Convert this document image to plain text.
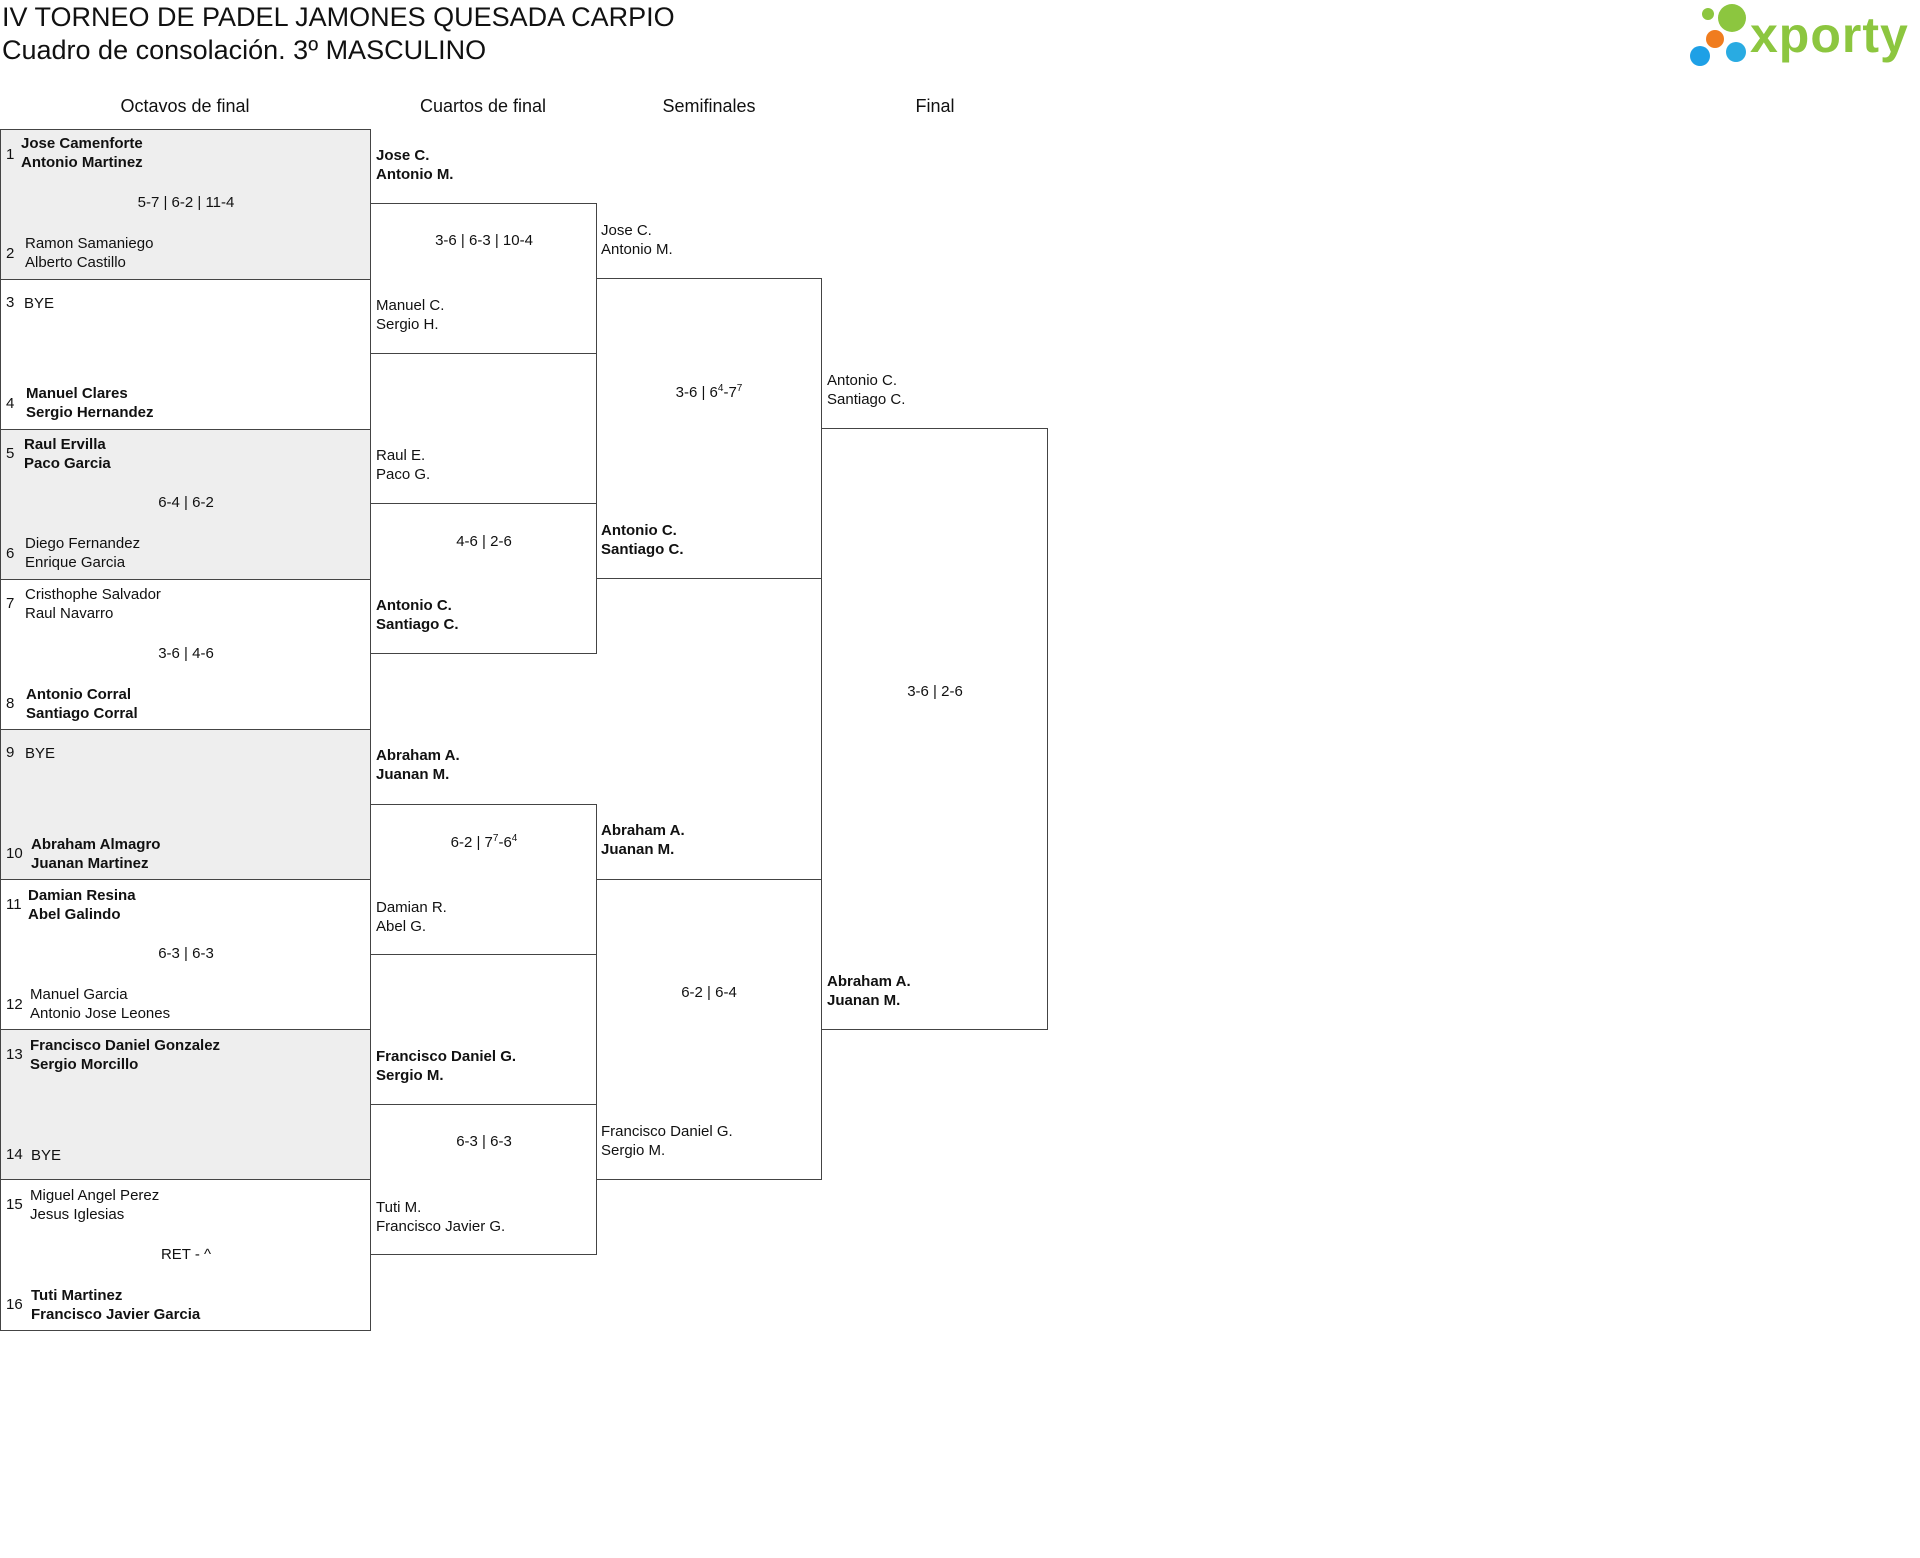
IV TORNEO DE PADEL JAMONES QUESADA CARPIO
Cuadro de consolación. 3º MASCULINO	xporty
Octavos de final	Cuartos de final	Semifinales	Final
1
2
3
4
5
6
7
8
9
10
11
12
13
14
15
16
Jose Camenforte
Antonio Martinez
Ramon Samaniego
Alberto Castillo
BYE
Manuel Clares
Sergio Hernandez
Raul Ervilla
Paco Garcia
Diego Fernandez
Enrique Garcia
Cristhophe Salvador
Raul Navarro
Antonio Corral
Santiago Corral
BYE
Abraham Almagro
Juanan Martinez
Damian Resina
Abel Galindo
Manuel Garcia
Antonio Jose Leones
Francisco Daniel Gonzalez
Sergio Morcillo
BYE
Miguel Angel Perez
Jesus Iglesias
Tuti Martinez
Francisco Javier Garcia
5-7 | 6-2 | 11-4
6-4 | 6-2
3-6 | 4-6
6-3 | 6-3
RET - ^
Jose C.
Antonio M.
Manuel C.
Sergio H.
Raul E.
Paco G.
Antonio C.
Santiago C.
Abraham A.
Juanan M.
Damian R.
Abel G.
Francisco Daniel G.
Sergio M.
Tuti M.
Francisco Javier G.
3-6 | 6-3 | 10-4
4-6 | 2-6
6-2 | $7^7-6^4$
6-3 | 6-3
Jose C.
Antonio M.
Antonio C.
Santiago C.
Abraham A.
Juanan M.
Francisco Daniel G.
Sergio M.
3-6 | $6^4-7^7$
6-2 | 6-4
Antonio C.
Santiago C.
Abraham A.
Juanan M.
3-6 | 2-6
